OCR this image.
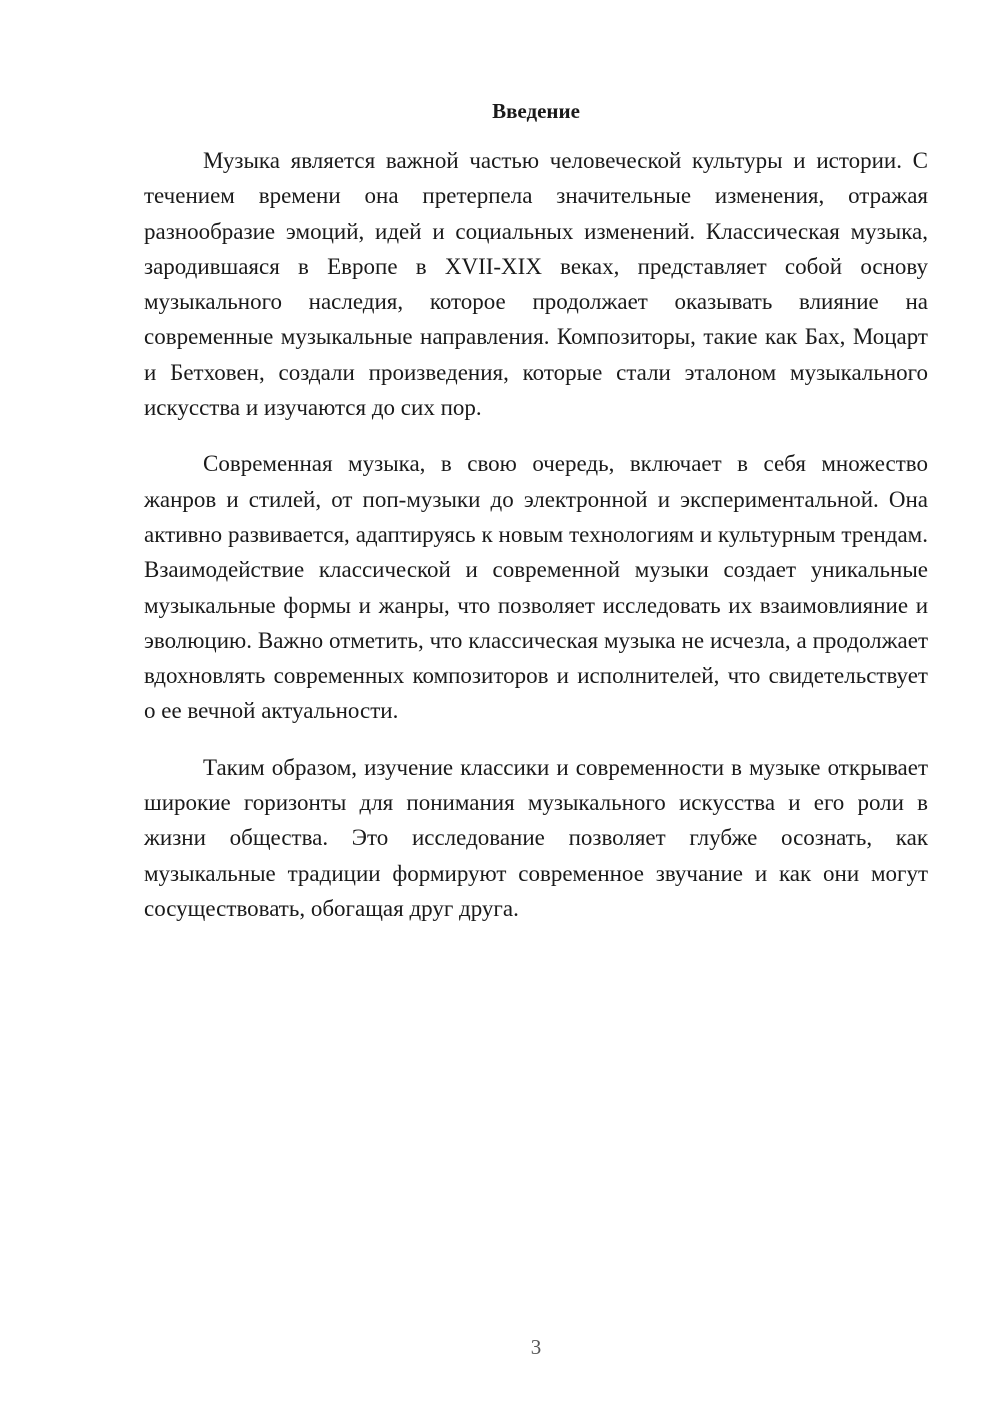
Введение

Музыка является важной частью человеческой культуры и истории. С течением времени она претерпела значительные изменения, отражая разнообразие эмоций, идей и социальных изменений. Классическая музыка, зародившаяся в Европе в XVII-XIX веках, представляет собой основу музыкального наследия, которое продолжает оказывать влияние на современные музыкальные направления. Композиторы, такие как Бах, Моцарт и Бетховен, создали произведения, которые стали эталоном музыкального искусства и изучаются до сих пор.

Современная музыка, в свою очередь, включает в себя множество жанров и стилей, от поп-музыки до электронной и экспериментальной. Она активно развивается, адаптируясь к новым технологиям и культурным трендам. Взаимодействие классической и современной музыки создает уникальные музыкальные формы и жанры, что позволяет исследовать их взаимовлияние и эволюцию. Важно отметить, что классическая музыка не исчезла, а продолжает вдохновлять современных композиторов и исполнителей, что свидетельствует о ее вечной актуальности.

Таким образом, изучение классики и современности в музыке открывает широкие горизонты для понимания музыкального искусства и его роли в жизни общества. Это исследование позволяет глубже осознать, как музыкальные традиции формируют современное звучание и как они могут сосуществовать, обогащая друг друга.

3
